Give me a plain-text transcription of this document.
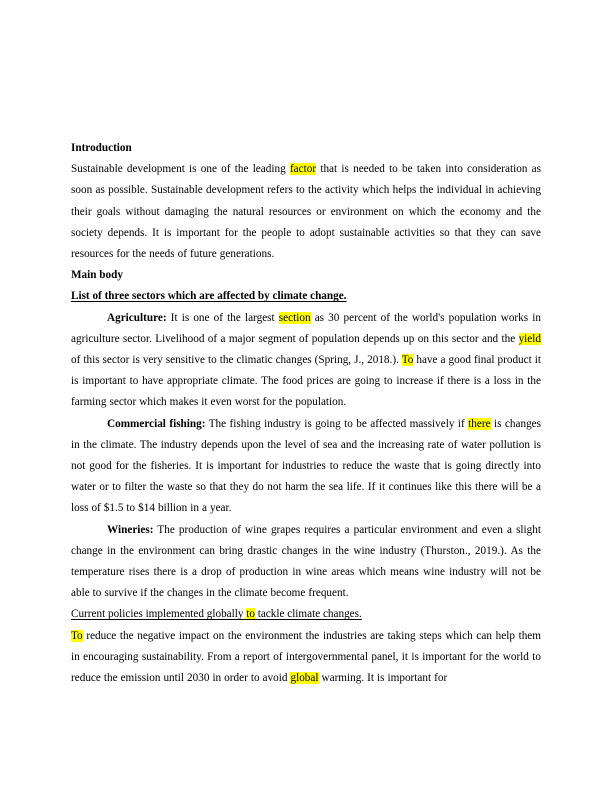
Introduction

Sustainable development is one of the leading factor that is needed to be taken into consideration as soon as possible. Sustainable development refers to the activity which helps the individual in achieving their goals without damaging the natural resources or environment on which the economy and the society depends. It is important for the people to adopt sustainable activities so that they can save resources for the needs of future generations.

Main body

List of three sectors which are affected by climate change.

Agriculture: It is one of the largest section as 30 percent of the world's population works in agriculture sector. Livelihood of a major segment of population depends up on this sector and the yield of this sector is very sensitive to the climatic changes (Spring, J., 2018.). To have a good final product it is important to have appropriate climate. The food prices are going to increase if there is a loss in the farming sector which makes it even worst for the population.

Commercial fishing: The fishing industry is going to be affected massively if there is changes in the climate. The industry depends upon the level of sea and the increasing rate of water pollution is not good for the fisheries. It is important for industries to reduce the waste that is going directly into water or to filter the waste so that they do not harm the sea life. If it continues like this there will be a loss of $1.5 to $14 billion in a year.

Wineries: The production of wine grapes requires a particular environment and even a slight change in the environment can bring drastic changes in the wine industry (Thurston., 2019.). As the temperature rises there is a drop of production in wine areas which means wine industry will not be able to survive if the changes in the climate become frequent.

Current policies implemented globally to tackle climate changes.

To reduce the negative impact on the environment the industries are taking steps which can help them in encouraging sustainability. From a report of intergovernmental panel, it is important for the world to reduce the emission until 2030 in order to avoid global warming. It is important for
